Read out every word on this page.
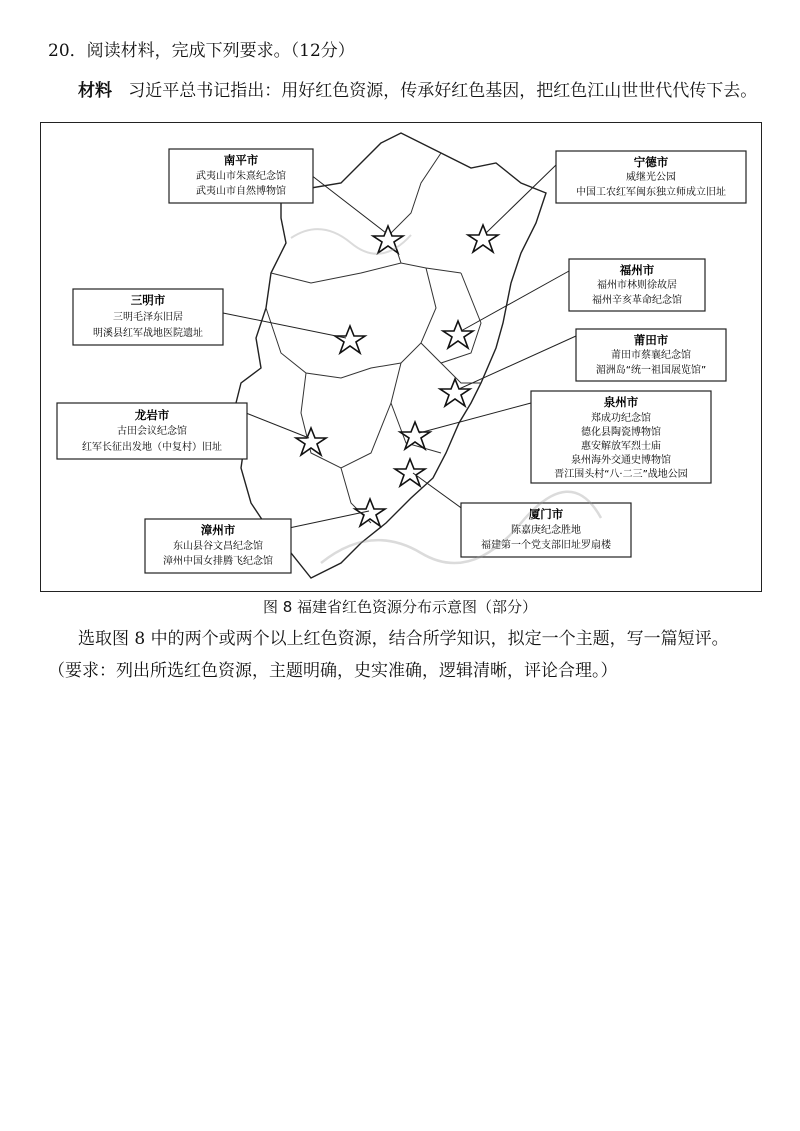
20．阅读材料，完成下列要求。（12分）
材料 习近平总书记指出：用好红色资源，传承好红色基因，把红色江山世世代代传下去。
南平市
武夷山市朱熹纪念馆
武夷山市自然博物馆
宁德市
威继光公园
中国工农红军闽东独立师成立旧址
三明市
三明毛泽东旧居
明溪县红军战地医院遗址
福州市
福州市林则徐故居
福州辛亥革命纪念馆
莆田市
莆田市蔡襄纪念馆
湄洲岛“统一祖国展览馆”
龙岩市
古田会议纪念馆
红军长征出发地（中复村）旧址
泉州市
郑成功纪念馆
德化县陶瓷博物馆
惠安解放军烈士庙
泉州海外交通史博物馆
晋江围头村“八·二三”战地公园
漳州市
东山县谷文昌纪念馆
漳州中国女排腾飞纪念馆
厦门市
陈嘉庚纪念胜地
福建第一个党支部旧址罗扇楼
图 8 福建省红色资源分布示意图（部分）
选取图 8 中的两个或两个以上红色资源，结合所学知识，拟定一个主题，写一篇短评。
（要求：列出所选红色资源，主题明确，史实准确，逻辑清晰，评论合理。）
